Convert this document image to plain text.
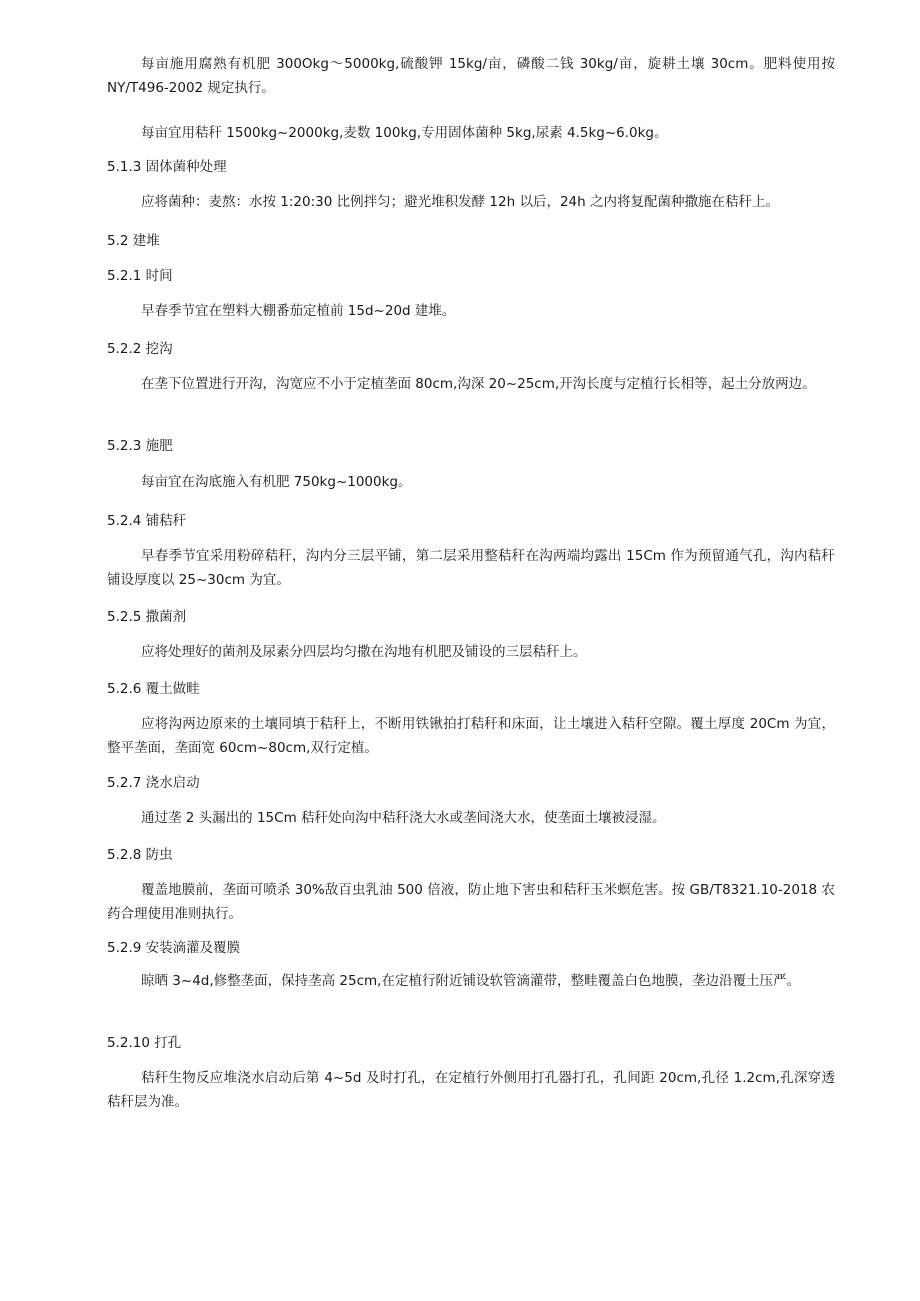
每亩施用腐熟有机肥 300Okg～5000kg,硫酸钾 15kg/亩，磷酸二钱 30kg/亩，旋耕土壤 30cm。肥料使用按 NY/T496-2002 规定执行。

每亩宜用秸秆 1500kg~2000kg,麦数 100kg,专用固体菌种 5kg,尿素 4.5kg~6.0kg。

5.1.3 固体菌种处理

应将菌种：麦熬：水按 1:20:30 比例拌匀；避光堆积发酵 12h 以后，24h 之内将复配菌种撒施在秸秆上。

5.2 建堆

5.2.1 时间

早春季节宜在塑料大棚番茄定植前 15d~20d 建堆。

5.2.2 挖沟

在垄下位置进行开沟，沟宽应不小于定植垄面 80cm,沟深 20~25cm,开沟长度与定植行长相等，起土分放两边。

5.2.3 施肥

每亩宜在沟底施入有机肥 750kg~1000kg。

5.2.4 铺秸秆

早春季节宜采用粉碎秸秆，沟内分三层平铺，第二层采用整秸秆在沟两端均露出 15Cm 作为预留通气孔，沟内秸秆铺设厚度以 25~30cm 为宜。

5.2.5 撒菌剂

应将处理好的菌剂及尿素分四层均匀撒在沟地有机肥及铺设的三层秸秆上。

5.2.6 覆土做畦

应将沟两边原来的土壤同填于秸秆上，不断用铁锹拍打秸秆和床面，让土壤进入秸秆空隙。覆土厚度 20Cm 为宜，整平垄面，垄面宽 60cm~80cm,双行定植。

5.2.7 浇水启动

通过垄 2 头漏出的 15Cm 秸秆处向沟中秸秆浇大水或垄间浇大水，使垄面土壤被浸湿。

5.2.8 防虫

覆盖地膜前，垄面可喷杀 30%敌百虫乳油 500 倍液，防止地下害虫和秸秆玉米螟危害。按 GB/T8321.10-2018 农药合理使用准则执行。

5.2.9 安装滴灌及覆膜

晾晒 3~4d,修整垄面，保持垄高 25cm,在定植行附近铺设软管滴灌带，整畦覆盖白色地膜，垄边沿覆土压严。

5.2.10 打孔

秸秆生物反应堆浇水启动后第 4~5d 及时打孔，在定植行外侧用打孔器打孔，孔间距 20cm,孔径 1.2cm,孔深穿透秸秆层为准。
